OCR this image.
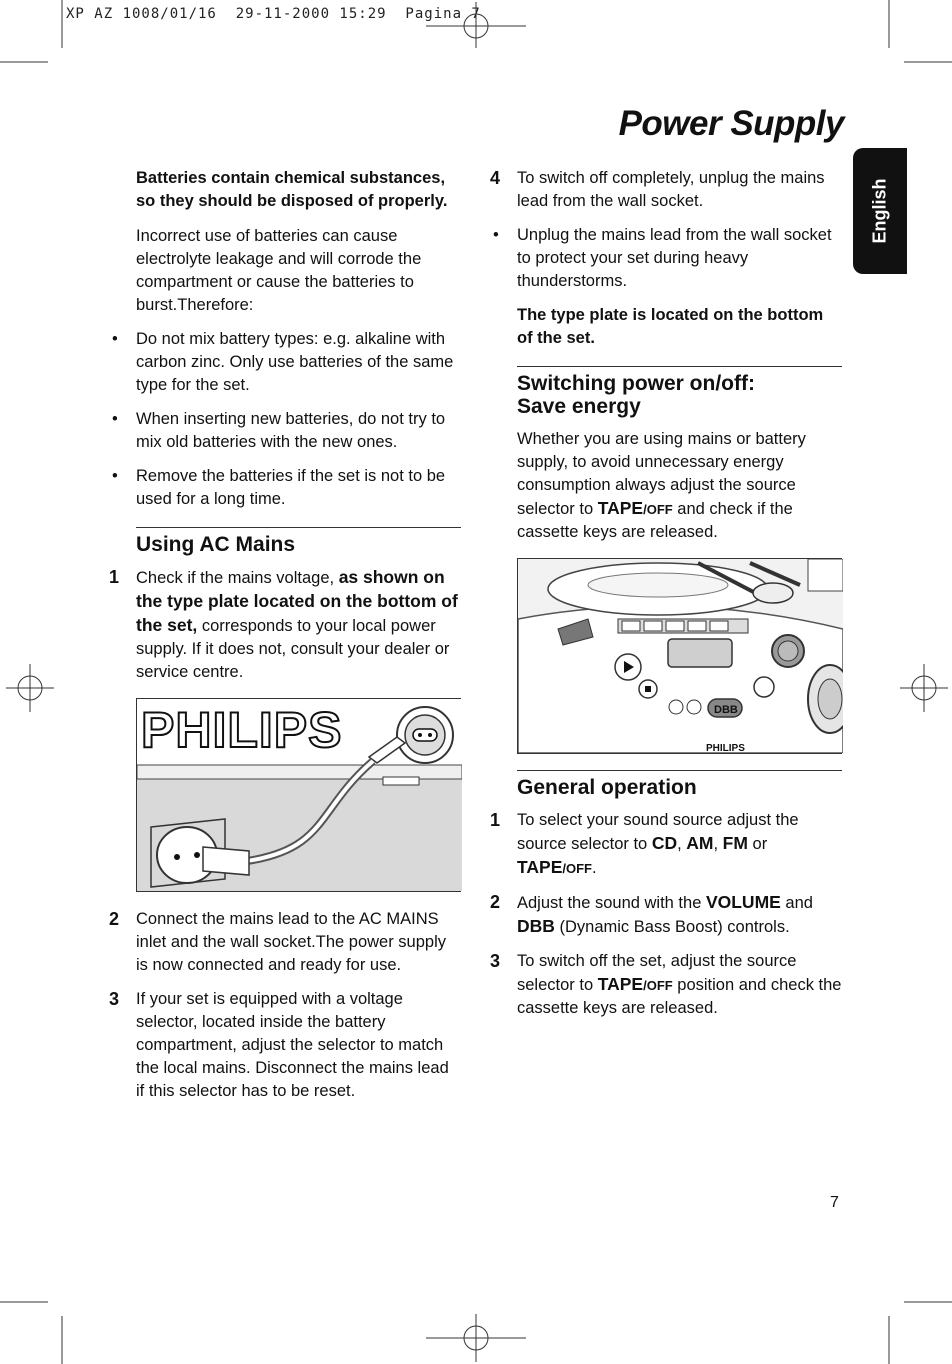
XP AZ 1008/01/16  29-11-2000 15:29  Pagina 7
Power Supply
English

Batteries contain chemical substances, so they should be disposed of properly.

Incorrect use of batteries can cause electrolyte leakage and will corrode the compartment or cause the batteries to burst.Therefore:

• Do not mix battery types: e.g. alkaline with carbon zinc. Only use batteries of the same type for the set.

• When inserting new batteries, do not try to mix old batteries with the new ones.

• Remove the batteries if the set is not to be used for a long time.

Using AC Mains

1 Check if the mains voltage, as shown on the type plate located on the bottom of the set, corresponds to your local power supply. If it does not, consult your dealer or service centre.

PHILIPS

2 Connect the mains lead to the AC MAINS inlet and the wall socket.The power supply is now connected and ready for use.

3 If your set is equipped with a voltage selector, located inside the battery compartment, adjust the selector to match the local mains. Disconnect the mains lead if this selector has to be reset.

4 To switch off completely, unplug the mains lead from the wall socket.

• Unplug the mains lead from the wall socket to protect your set during heavy thunderstorms.

The type plate is located on the bottom of the set.

Switching power on/off:
Save energy

Whether you are using mains or battery supply, to avoid unnecessary energy consumption always adjust the source selector to TAPE/OFF and check if the cassette keys are released.

DBB
PHILIPS
General operation

1 To select your sound source adjust the source selector to CD, AM, FM or TAPE/OFF.

2 Adjust the sound with the VOLUME and DBB (Dynamic Bass Boost) controls.

3 To switch off the set, adjust the source selector to TAPE/OFF position and check the cassette keys are released.

7
